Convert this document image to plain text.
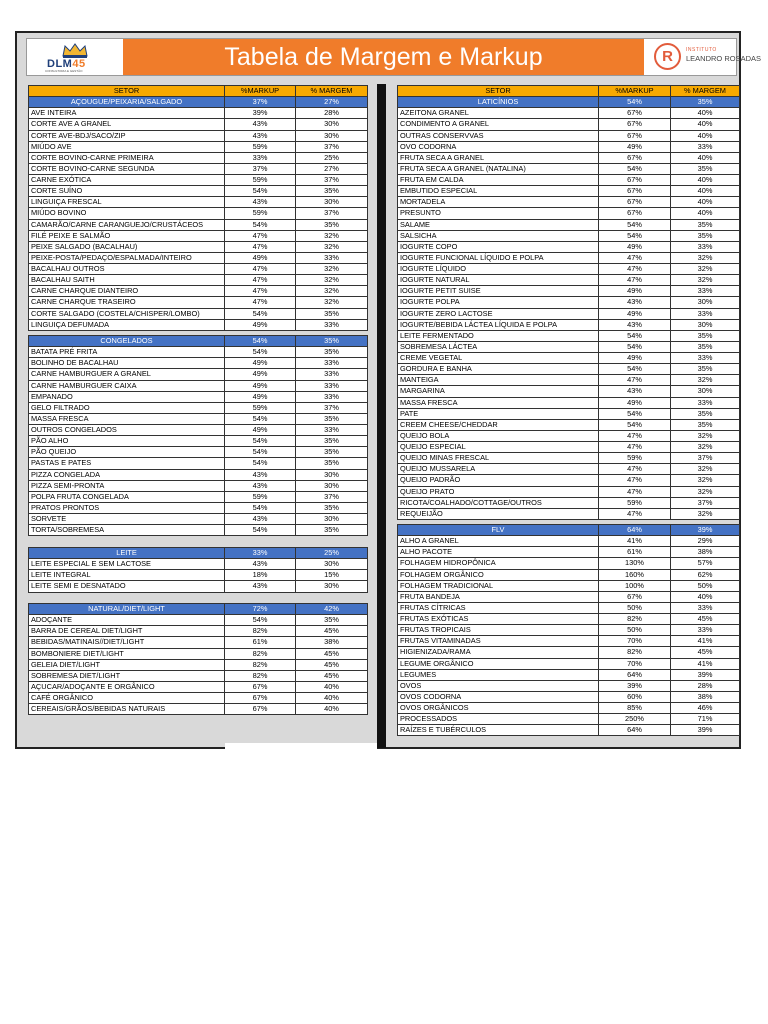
DLM45
CONSULTORIA E GESTÃO	Tabela de Margem e Markup	R	INSTITUTO
LEANDRO ROSADAS
SETOR	%MARKUP	% MARGEM
AÇOUGUE/PEIXARIA/SALGADO	37%	27%
AVE INTEIRA	39%	28%
CORTE AVE A GRANEL	43%	30%
CORTE AVE-BDJ/SACO/ZIP	43%	30%
MIÚDO AVE	59%	37%
CORTE BOVINO-CARNE PRIMEIRA	33%	25%
CORTE BOVINO-CARNE SEGUNDA	37%	27%
CARNE EXÓTICA	59%	37%
CORTE SUÍNO	54%	35%
LINGUIÇA FRESCAL	43%	30%
MIÚDO BOVINO	59%	37%
CAMARÃO/CARNE CARANGUEJO/CRUSTÁCEOS	54%	35%
FILÉ PEIXE E SALMÃO	47%	32%
PEIXE SALGADO (BACALHAU)	47%	32%
PEIXE-POSTA/PEDAÇO/ESPALMADA/INTEIRO	49%	33%
BACALHAU OUTROS	47%	32%
BACALHAU SAITH	47%	32%
CARNE CHARQUE DIANTEIRO	47%	32%
CARNE CHARQUE TRASEIRO	47%	32%
CORTE SALGADO (COSTELA/CHISPER/LOMBO)	54%	35%
LINGUIÇA DEFUMADA	49%	33%
CONGELADOS	54%	35%
BATATA PRÉ FRITA	54%	35%
BOLINHO DE BACALHAU	49%	33%
CARNE HAMBURGUER A GRANEL	49%	33%
CARNE HAMBURGUER CAIXA	49%	33%
EMPANADO	49%	33%
GELO FILTRADO	59%	37%
MASSA FRESCA	54%	35%
OUTROS CONGELADOS	49%	33%
PÃO ALHO	54%	35%
PÃO QUEIJO	54%	35%
PASTAS E PATES	54%	35%
PIZZA CONGELADA	43%	30%
PIZZA SEMI-PRONTA	43%	30%
POLPA FRUTA CONGELADA	59%	37%
PRATOS PRONTOS	54%	35%
SORVETE	43%	30%
TORTA/SOBREMESA	54%	35%
LEITE	33%	25%
LEITE ESPECIAL E SEM LACTOSE	43%	30%
LEITE INTEGRAL	18%	15%
LEITE SEMI E DESNATADO	43%	30%
NATURAL/DIET/LIGHT	72%	42%
ADOÇANTE	54%	35%
BARRA DE CEREAL DIET/LIGHT	82%	45%
BEBIDAS/MATINAIS//DIET/LIGHT	61%	38%
BOMBONIERE DIET/LIGHT	82%	45%
GELEIA DIET/LIGHT	82%	45%
SOBREMESA DIET/LIGHT	82%	45%
AÇUCAR/ADOÇANTE E ORGÂNICO	67%	40%
CAFÉ ORGÂNICO	67%	40%
CEREAIS/GRÃOS/BEBIDAS NATURAIS	67%	40%
SETOR	%MARKUP	% MARGEM
LATICÍNIOS	54%	35%
AZEITONA GRANEL	67%	40%
CONDIMENTO A GRANEL	67%	40%
OUTRAS CONSERVVAS	67%	40%
OVO CODORNA	49%	33%
FRUTA SECA A GRANEL	67%	40%
FRUTA SECA A GRANEL (NATALINA)	54%	35%
FRUTA EM CALDA	67%	40%
EMBUTIDO ESPECIAL	67%	40%
MORTADELA	67%	40%
PRESUNTO	67%	40%
SALAME	54%	35%
SALSICHA	54%	35%
IOGURTE COPO	49%	33%
IOGURTE FUNCIONAL LÍQUIDO E POLPA	47%	32%
IOGURTE LÍQUIDO	47%	32%
IOGURTE NATURAL	47%	32%
IOGURTE PETIT SUISE	49%	33%
IOGURTE POLPA	43%	30%
IOGURTE ZERO LACTOSE	49%	33%
IOGURTE/BEBIDA LÁCTEA LÍQUIDA E POLPA	43%	30%
LEITE FERMENTADO	54%	35%
SOBREMESA LÁCTEA	54%	35%
CREME VEGETAL	49%	33%
GORDURA E BANHA	54%	35%
MANTEIGA	47%	32%
MARGARINA	43%	30%
MASSA FRESCA	49%	33%
PATE	54%	35%
CREEM CHEESE/CHEDDAR	54%	35%
QUEIJO BOLA	47%	32%
QUEIJO ESPECIAL	47%	32%
QUEIJO MINAS FRESCAL	59%	37%
QUEIJO MUSSARELA	47%	32%
QUEIJO PADRÃO	47%	32%
QUEIJO PRATO	47%	32%
RICOTA/COALHADO/COTTAGE/OUTROS	59%	37%
REQUEIJÃO	47%	32%
FLV	64%	39%
ALHO A GRANEL	41%	29%
ALHO PACOTE	61%	38%
FOLHAGEM HIDROPÔNICA	130%	57%
FOLHAGEM ORGÂNICO	160%	62%
FOLHAGEM TRADICIONAL	100%	50%
FRUTA BANDEJA	67%	40%
FRUTAS CÍTRICAS	50%	33%
FRUTAS EXÓTICAS	82%	45%
FRUTAS TROPICAIS	50%	33%
FRUTAS VITAMINADAS	70%	41%
HIGIENIZADA/RAMA	82%	45%
LEGUME ORGÂNICO	70%	41%
LEGUMES	64%	39%
OVOS	39%	28%
OVOS CODORNA	60%	38%
OVOS ORGÂNICOS	85%	46%
PROCESSADOS	250%	71%
RAÍZES E TUBÉRCULOS	64%	39%
